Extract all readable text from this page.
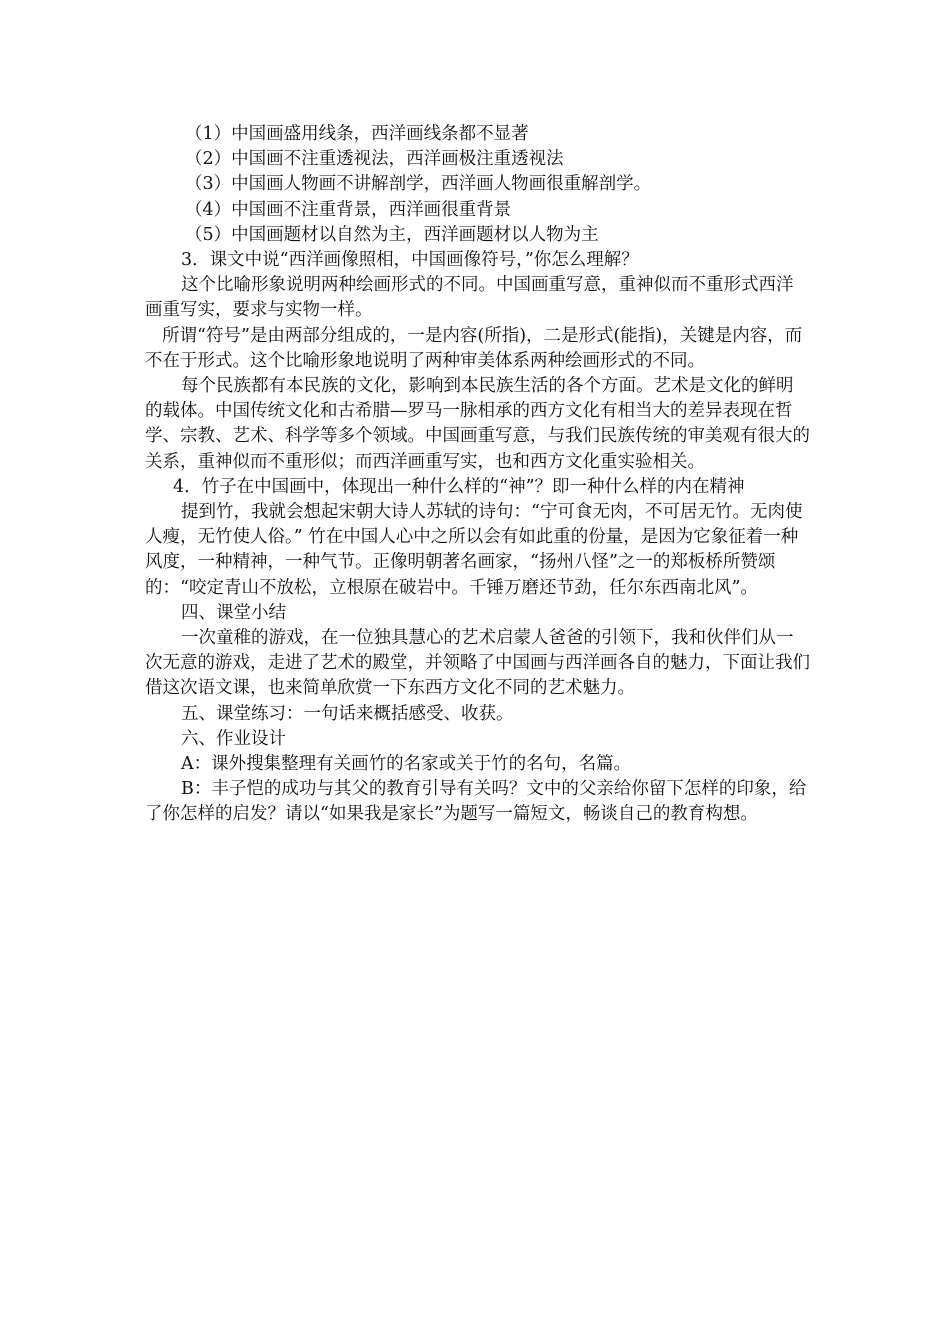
（1）中国画盛用线条，西洋画线条都不显著

（2）中国画不注重透视法，西洋画极注重透视法

（3）中国画人物画不讲解剖学，西洋画人物画很重解剖学。

（4）中国画不注重背景，西洋画很重背景

（5）中国画题材以自然为主，西洋画题材以人物为主

3．课文中说“西洋画像照相，中国画像符号，”你怎么理解？

这个比喻形象说明两种绘画形式的不同。中国画重写意，重神似而不重形式西洋画重写实，要求与实物一样。

所谓“符号”是由两部分组成的，一是内容(所指)，二是形式(能指)，关键是内容，而不在于形式。这个比喻形象地说明了两种审美体系两种绘画形式的不同。

每个民族都有本民族的文化，影响到本民族生活的各个方面。艺术是文化的鲜明的载体。中国传统文化和古希腊—罗马一脉相承的西方文化有相当大的差异表现在哲学、宗教、艺术、科学等多个领域。中国画重写意，与我们民族传统的审美观有很大的关系，重神似而不重形似；而西洋画重写实，也和西方文化重实验相关。

4．竹子在中国画中，体现出一种什么样的“神”？即一种什么样的内在精神

提到竹，我就会想起宋朝大诗人苏轼的诗句：“宁可食无肉，不可居无竹。无肉使人瘦，无竹使人俗。” 竹在中国人心中之所以会有如此重的份量，是因为它象征着一种风度，一种精神，一种气节。正像明朝著名画家，“扬州八怪”之一的郑板桥所赞颂的：“咬定青山不放松，立根原在破岩中。千锤万磨还节劲，任尔东西南北风”。

四、课堂小结

一次童稚的游戏，在一位独具慧心的艺术启蒙人爸爸的引领下，我和伙伴们从一次无意的游戏，走进了艺术的殿堂，并领略了中国画与西洋画各自的魅力，下面让我们借这次语文课，也来简单欣赏一下东西方文化不同的艺术魅力。

五、课堂练习：一句话来概括感受、收获。

六、作业设计

A：课外搜集整理有关画竹的名家或关于竹的名句，名篇。

B：丰子恺的成功与其父的教育引导有关吗？文中的父亲给你留下怎样的印象，给了你怎样的启发？请以“如果我是家长”为题写一篇短文，畅谈自己的教育构想。
